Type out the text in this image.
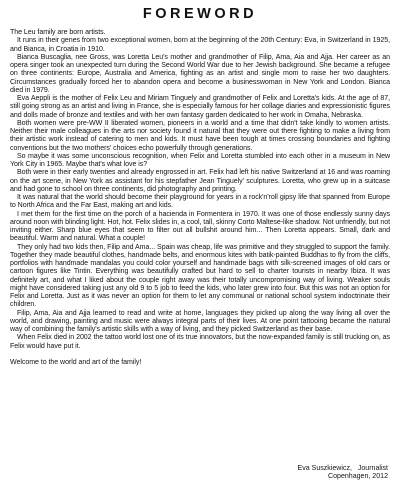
FOREWORD

The Leu family are born artists.

It runs in their genes from two exceptional women, born at the beginning of the 20th Century: Eva, in Switzerland in 1925, and Bianca, in Croatia in 1910.

Bianca Buscaglia, nee Gross, was Loretta Leu's mother and grandmother of Filip, Ama, Aia and Ajja. Her career as an opera singer took an unexpected turn during the Second World War due to her Jewish background. She became a refugee on three continents: Europe, Australia and America, fighting as an artist and single mom to raise her two daughters. Circumstances gradually forced her to abandon opera and become a businesswoman in New York and London. Bianca died in 1979.

Eva Aeppli is the mother of Felix Leu and Miriam Tinguely and grandmother of Felix and Loretta's kids. At the age of 87, still going strong as an artist and living in France, she is especially famous for her collage diaries and expressionistic figures and dolls made of bronze and textiles and with her own fantasy garden dedicated to her work in Omaha, Nebraska.

Both women were pre-WW II liberated women, pioneers in a world and a time that didn't take kindly to women artists. Neither their male colleagues in the arts nor society found it natural that they were out there fighting to make a living from their artistic work instead of catering to men and kids. It must have been tough at times crossing boundaries and fighting conventions but the two mothers' choices echo powerfully through generations.

So maybe it was some unconscious recognition, when Felix and Loretta stumbled into each other in a museum in New York City in 1965. Maybe that's what love is?

Both were in their early twenties and already engrossed in art. Felix had left his native Switzerland at 16 and was roaming on the art scene, in New York as assistant for his stepfather Jean Tinguely' sculptures. Loretta, who grew up in a suitcase and had gone to school on three continents, did photography and printing.

It was natural that the world should become their playground for years in a rock'n'roll gipsy life that spanned from Europe to North Africa and the Far East, making art and kids.

I met them for the first time on the porch of a hacienda in Formentera in 1970. It was one of those endlessly sunny days around noon with blinding light. Hot, hot. Felix slides in, a cool, tall, skinny Corto Maltese-like shadow. Not unfriendly, but not inviting either. Sharp blue eyes that seem to filter out all bullshit around him... Then Loretta appears. Small, dark and beautiful. Warm and natural. What a couple!

They only had two kids then, Filip and Ama... Spain was cheap, life was primitive and they struggled to support the family. Together they made beautiful clothes, handmade belts, and enormous kites with batik-painted Buddhas to fly from the cliffs, portfolios with handmade mandalas you could color yourself and handmade bags with silk-screened images of old cars or cartoon figures like Tintin. Everything was beautifully crafted but hard to sell to charter tourists in nearby Ibiza. It was definitely art, and what I liked about the couple right away was their totally uncompromising way of living. Weaker souls might have considered taking just any old 9 to 5 job to feed the kids, who later grew into four. But this was not an option for Felix and Loretta. Just as it was never an option for them to let any communal or national school system indoctrinate their children.

Filip, Ama, Aia and Ajja learned to read and write at home, languages they picked up along the way living all over the world, and drawing, painting and music were always integral parts of their lives. At one point tattooing became the natural way of combining the family's artistic skills with a way of living, and they picked Switzerland as their base.

When Felix died in 2002 the tattoo world lost one of its true innovators, but the now-expanded family is still trucking on, as Felix would have put it.

Welcome to the world and art of the family!

Eva Suszkiewicz,   Journalist
Copenhagen, 2012
